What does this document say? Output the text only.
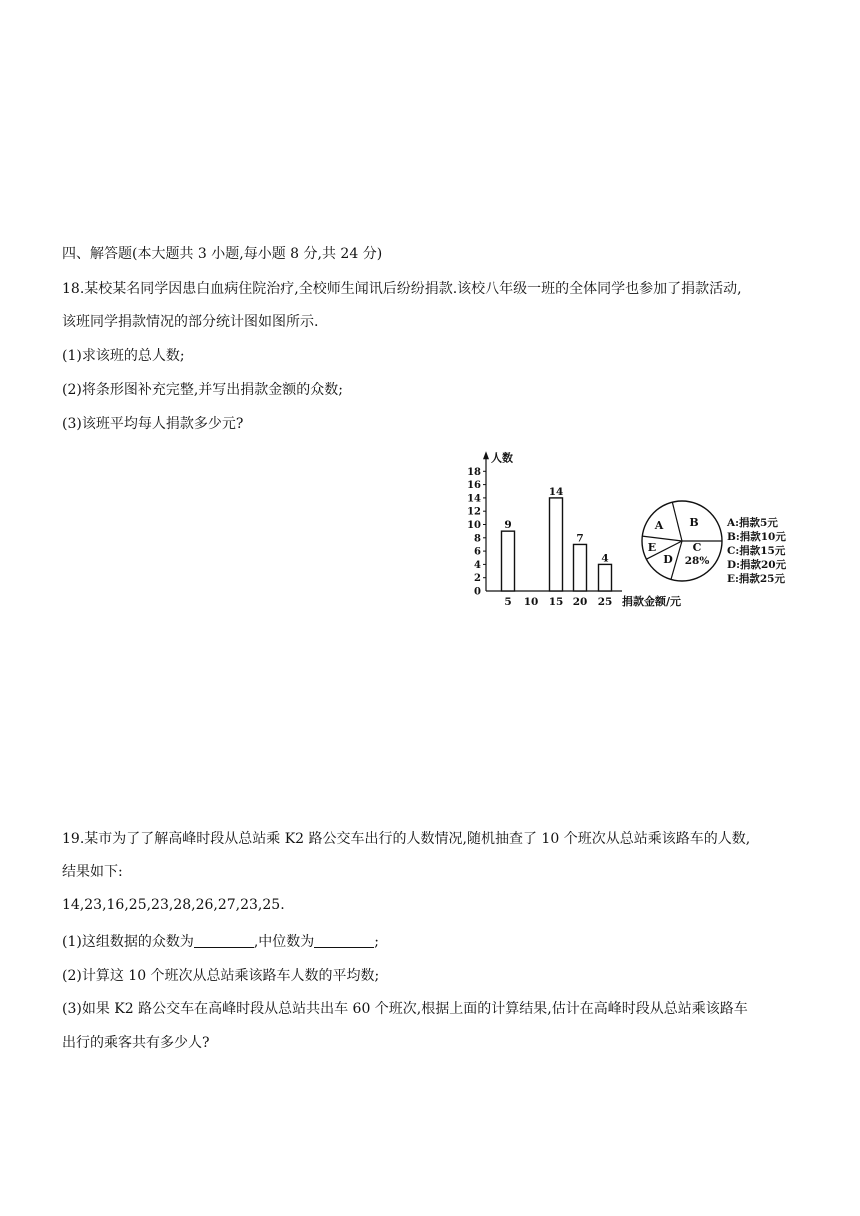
四、解答题(本大题共 3 小题,每小题 8 分,共 24 分)
18.某校某名同学因患白血病住院治疗,全校师生闻讯后纷纷捐款.该校八年级一班的全体同学也参加了捐款活动,
该班同学捐款情况的部分统计图如图所示.
(1)求该班的总人数;
(2)将条形图补充完整,并写出捐款金额的众数;
(3)该班平均每人捐款多少元?
人数
捐款金额/元
0
2
4
6
8
10
12
14
16
18
9
5 10
14
15
7
20
4
25
A B
C
D
E
28%
A:捐款5元
B:捐款10元
C:捐款15元
D:捐款20元
E:捐款25元
19.某市为了了解高峰时段从总站乘 K2 路公交车出行的人数情况,随机抽查了 10 个班次从总站乘该路车的人数,
结果如下:
14,23,16,25,23,28,26,27,23,25.
(1)这组数据的众数为	,中位数为	;
(2)计算这 10 个班次从总站乘该路车人数的平均数;
(3)如果 K2 路公交车在高峰时段从总站共出车 60 个班次,根据上面的计算结果,估计在高峰时段从总站乘该路车
出行的乘客共有多少人?
